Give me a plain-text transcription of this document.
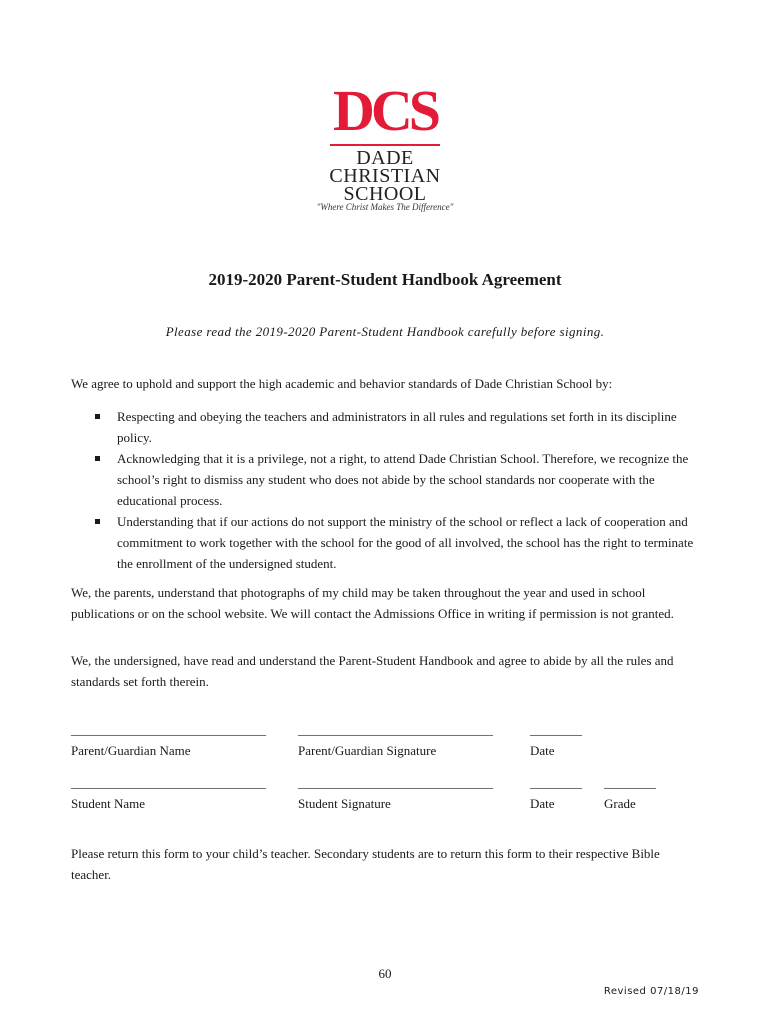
DCS
DADE
CHRISTIAN
SCHOOL
"Where Christ Makes The Difference"
2019-2020 Parent-Student Handbook Agreement
Please read the 2019-2020 Parent-Student Handbook carefully before signing.
We agree to uphold and support the high academic and behavior standards of Dade Christian School by:

Respecting and obeying the teachers and administrators in all rules and regulations set forth in its discipline policy.

Acknowledging that it is a privilege, not a right, to attend Dade Christian School. Therefore, we recognize the school’s right to dismiss any student who does not abide by the school standards nor cooperate with the educational process.

Understanding that if our actions do not support the ministry of the school or reflect a lack of cooperation and commitment to work together with the school for the good of all involved, the school has the right to terminate the enrollment of the undersigned student.

We, the parents, understand that photographs of my child may be taken throughout the year and used in school publications or on the school website. We will contact the Admissions Office in writing if permission is not granted.
We, the undersigned, have read and understand the Parent-Student Handbook and agree to abide by all the rules and standards set forth therein.
______________________________
Parent/Guardian Name
______________________________
Parent/Guardian Signature
________
Date
______________________________
Student Name
______________________________
Student Signature
________
Date
________
Grade
Please return this form to your child’s teacher. Secondary students are to return this form to their respective Bible teacher.
60
Revised 07/18/19
